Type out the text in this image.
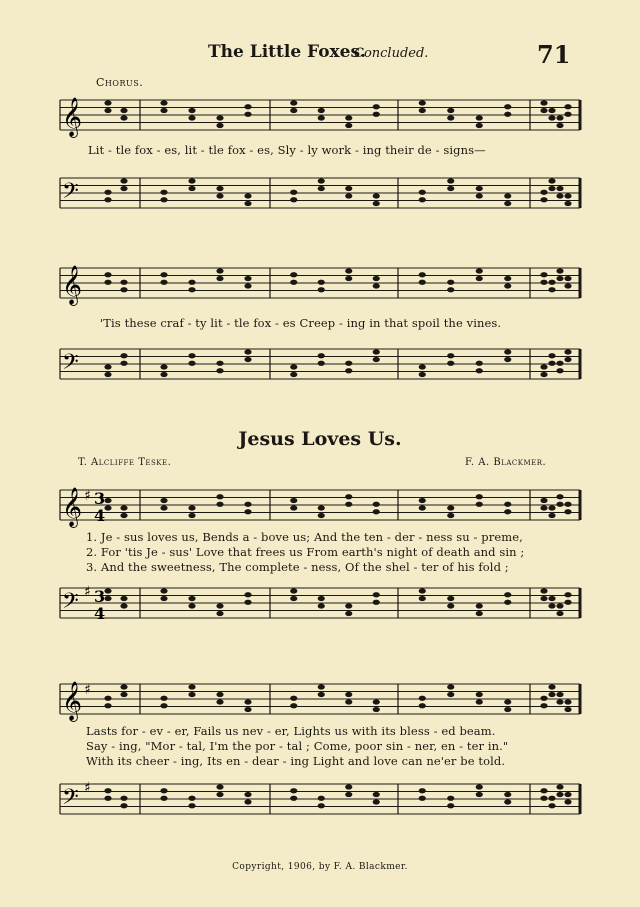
The Little Foxes.
Concluded.	71
Chorus.
𝄞
Lit - tle fox - es, lit - tle fox - es, Sly - ly work - ing their de - signs—
𝄢
𝄞
'Tis these craf - ty lit - tle fox - es Creep - ing in that spoil the vines.
𝄢
Jesus Loves Us.
T. Alcliffe Teske.	F. A. Blackmer.
𝄞 ♯ 3
4
1. Je - sus loves us, Bends a - bove us; And the ten - der - ness su - preme,
2. For 'tis Je - sus' Love that frees us From earth's night of death and sin ;
3. And the sweetness, The complete - ness, Of the shel - ter of his fold ;
𝄢 ♯ 3
4
𝄞 ♯
Lasts for - ev - er, Fails us nev - er, Lights us with its bless - ed beam.
Say - ing, "Mor - tal, I'm the por - tal ; Come, poor sin - ner, en - ter in."
With its cheer - ing, Its en - dear - ing Light and love can ne'er be told.
𝄢 ♯
Copyright, 1906, by F. A. Blackmer.
